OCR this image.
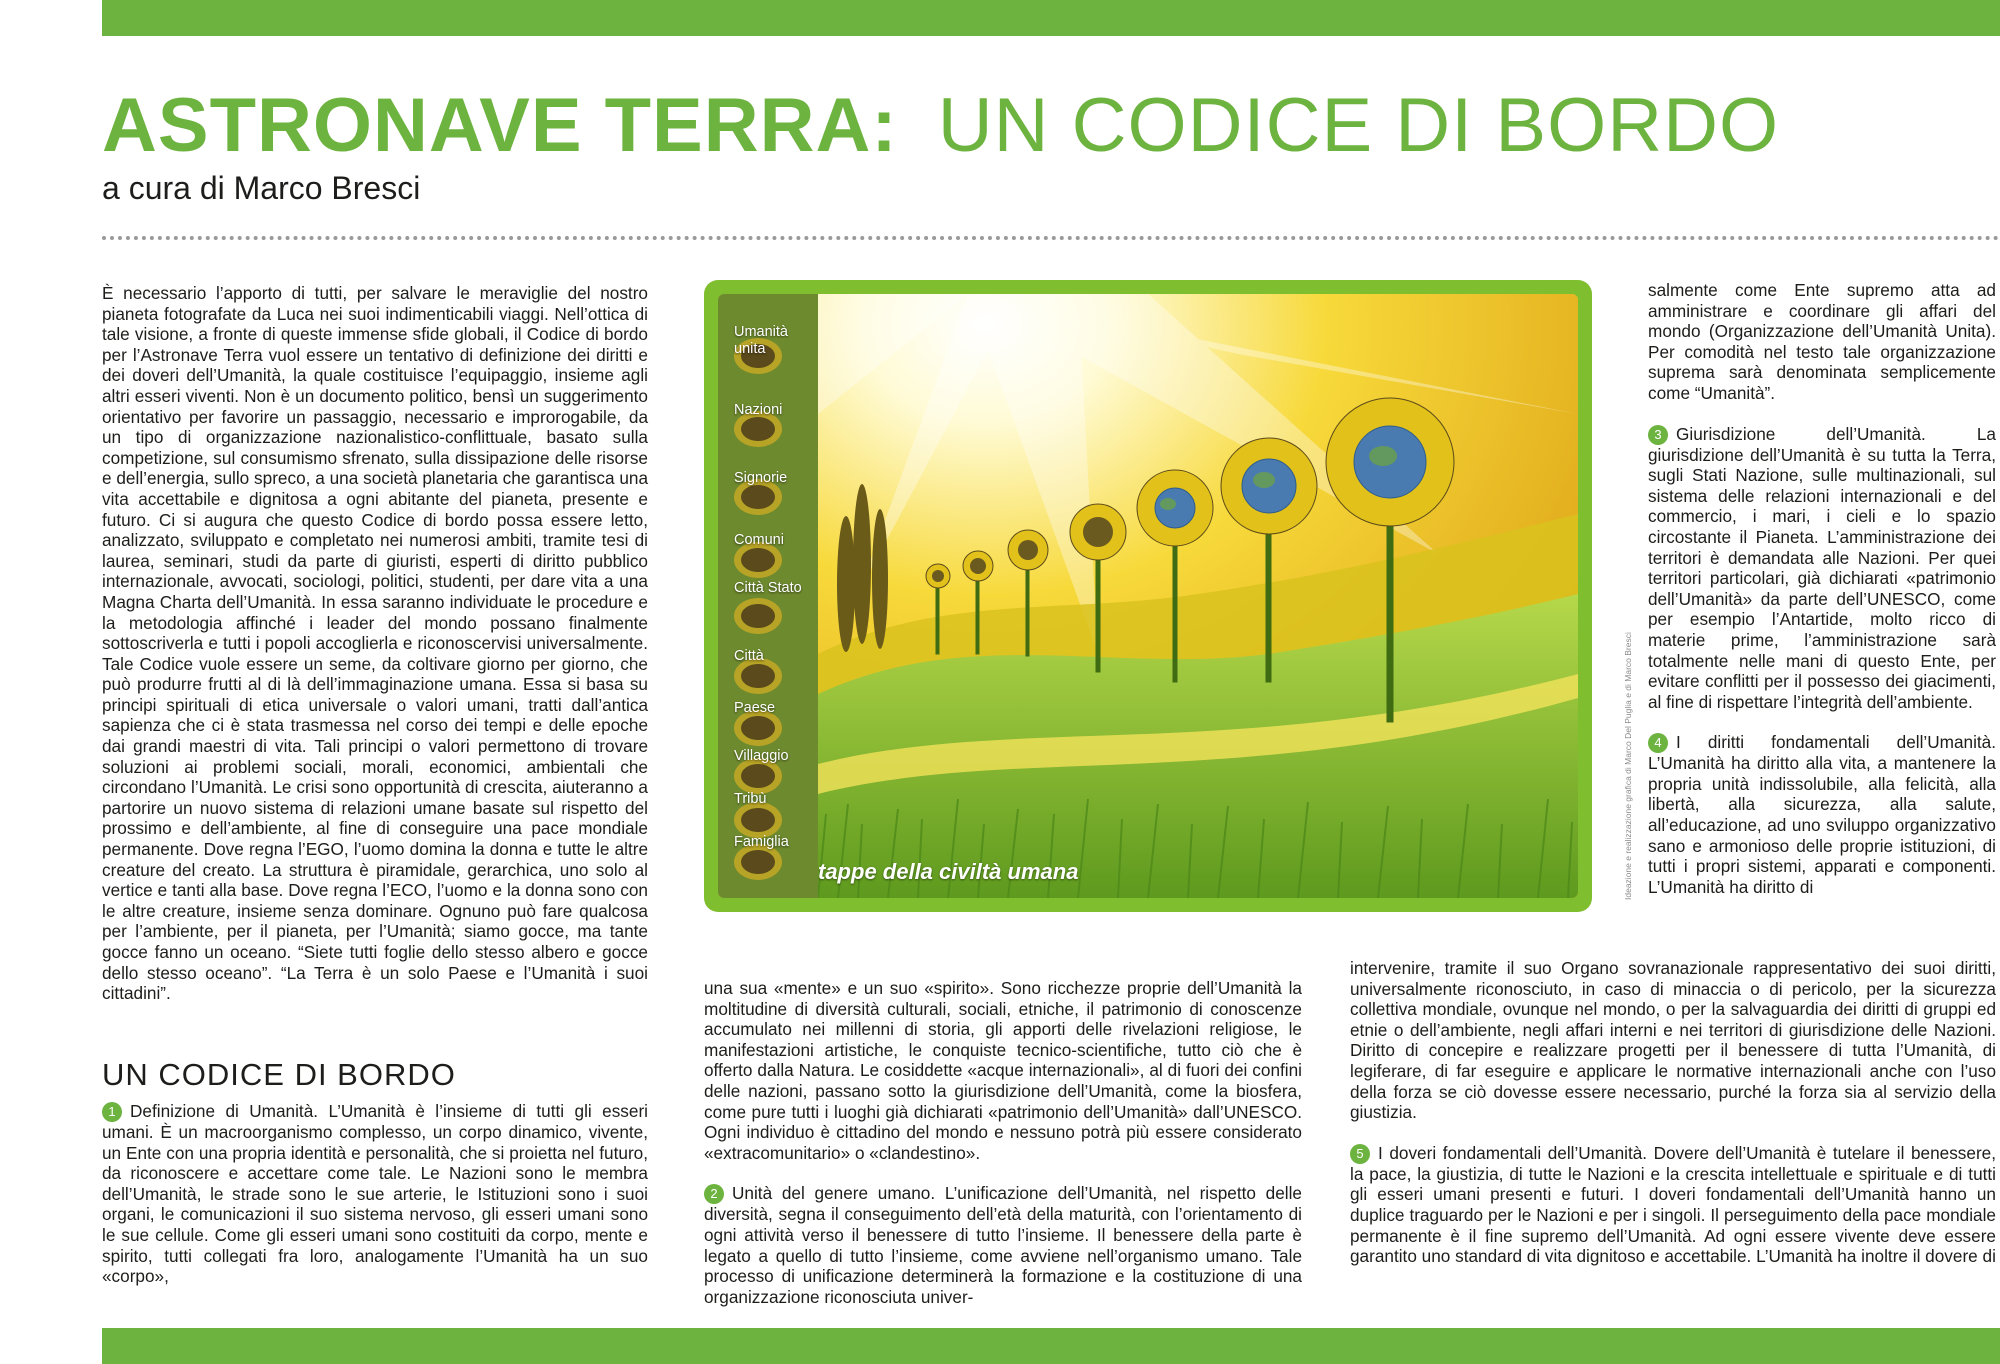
ASTRONAVE TERRA: UN CODICE DI BORDO
a cura di Marco Bresci

È necessario l’apporto di tutti, per salvare le meraviglie del nostro pianeta fotografate da Luca nei suoi indimenticabili viaggi. Nell’ottica di tale visione, a fronte di queste immense sfide globali, il Codice di bordo per l’Astronave Terra vuol essere un tentativo di definizione dei diritti e dei doveri dell’Umanità, la quale costituisce l’equipaggio, insieme agli altri esseri viventi. Non è un documento politico, bensì un suggerimento orientativo per favorire un passaggio, necessario e improrogabile, da un tipo di organizzazione nazionalistico-conflittuale, basato sulla competizione, sul consumismo sfrenato, sulla dissipazione delle risorse e dell’energia, sullo spreco, a una società planetaria che garantisca una vita accettabile e dignitosa a ogni abitante del pianeta, presente e futuro. Ci si augura che questo Codice di bordo possa essere letto, analizzato, sviluppato e completato nei numerosi ambiti, tramite tesi di laurea, seminari, studi da parte di giuristi, esperti di diritto pubblico internazionale, avvocati, sociologi, politici, studenti, per dare vita a una Magna Charta dell’Umanità. In essa saranno individuate le procedure e la metodologia affinché i leader del mondo possano finalmente sottoscriverla e tutti i popoli accoglierla e riconoscervisi universalmente. Tale Codice vuole essere un seme, da coltivare giorno per giorno, che può produrre frutti al di là dell’immaginazione umana. Essa si basa su principi spirituali di etica universale o valori umani, tratti dall’antica sapienza che ci è stata trasmessa nel corso dei tempi e delle epoche dai grandi maestri di vita. Tali principi o valori permettono di trovare soluzioni ai problemi sociali, morali, economici, ambientali che circondano l’Umanità. Le crisi sono opportunità di crescita, aiuteranno a partorire un nuovo sistema di relazioni umane basate sul rispetto del prossimo e dell’ambiente, al fine di conseguire una pace mondiale permanente. Dove regna l’EGO, l’uomo domina la donna e tutte le altre creature del creato. La struttura è piramidale, gerarchica, uno solo al vertice e tanti alla base. Dove regna l’ECO, l’uomo e la donna sono con le altre creature, insieme senza dominare. Ognuno può fare qualcosa per l’ambiente, per il pianeta, per l’Umanità; siamo gocce, ma tante gocce fanno un oceano. “Siete tutti foglie dello stesso albero e gocce dello stesso oceano”. “La Terra è un solo Paese e l’Umanità i suoi cittadini”.

UN CODICE DI BORDO

1 Definizione di Umanità. L’Umanità è l’insieme di tutti gli esseri umani. È un macroorganismo complesso, un corpo dinamico, vivente, un Ente con una propria identità e personalità, che si proietta nel futuro, da riconoscere e accettare come tale. Le Nazioni sono le membra dell’Umanità, le strade sono le sue arterie, le Istituzioni sono i suoi organi, le comunicazioni il suo sistema nervoso, gli esseri umani sono le sue cellule. Come gli esseri umani sono costituiti da corpo, mente e spirito, tutti collegati fra loro, analogamente l’Umanità ha un suo «corpo»,

Umanità unita
Nazioni
Signorie
Comuni
Città Stato
Città
Paese
Villaggio
Tribù
Famiglia
tappe della civiltà umana	Ideazione e realizzazione grafica di Marco Del Puglia e di Marco Bresci

una sua «mente» e un suo «spirito». Sono ricchezze proprie dell’Umanità la moltitudine di diversità culturali, sociali, etniche, il patrimonio di conoscenze accumulato nei millenni di storia, gli apporti delle rivelazioni religiose, le manifestazioni artistiche, le conquiste tecnico-scientifiche, tutto ciò che è offerto dalla Natura. Le cosiddette «acque internazionali», al di fuori dei confini delle nazioni, passano sotto la giurisdizione dell’Umanità, come la biosfera, come pure tutti i luoghi già dichiarati «patrimonio dell’Umanità» dall’UNESCO. Ogni individuo è cittadino del mondo e nessuno potrà più essere considerato «extracomunitario» o «clandestino».

2 Unità del genere umano. L’unificazione dell’Umanità, nel rispetto delle diversità, segna il conseguimento dell’età della maturità, con l’orientamento di ogni attività verso il benessere di tutto l’insieme. Il benessere della parte è legato a quello di tutto l’insieme, come avviene nell’organismo umano. Tale processo di unificazione determinerà la formazione e la costituzione di una organizzazione riconosciuta univer-

salmente come Ente supremo atta ad amministrare e coordinare gli affari del mondo (Organizzazione dell’Umanità Unita). Per comodità nel testo tale organizzazione suprema sarà denominata semplicemente come “Umanità”.

3 Giurisdizione dell’Umanità. La giurisdizione dell’Umanità è su tutta la Terra, sugli Stati Nazione, sulle multinazionali, sul sistema delle relazioni internazionali e del commercio, i mari, i cieli e lo spazio circostante il Pianeta. L’amministrazione dei territori è demandata alle Nazioni. Per quei territori particolari, già dichiarati «patrimonio dell’Umanità» da parte dell’UNESCO, come per esempio l’Antartide, molto ricco di materie prime, l’amministrazione sarà totalmente nelle mani di questo Ente, per evitare conflitti per il possesso dei giacimenti, al fine di rispettare l’integrità dell’ambiente.

4 I diritti fondamentali dell’Umanità. L’Umanità ha diritto alla vita, a mantenere la propria unità indissolubile, alla felicità, alla libertà, alla sicurezza, alla salute, all’educazione, ad uno sviluppo organizzativo sano e armonioso delle proprie istituzioni, di tutti i propri sistemi, apparati e componenti. L’Umanità ha diritto di

intervenire, tramite il suo Organo sovranazionale rappresentativo dei suoi diritti, universalmente riconosciuto, in caso di minaccia o di pericolo, per la sicurezza collettiva mondiale, ovunque nel mondo, o per la salvaguardia dei diritti di gruppi ed etnie o dell’ambiente, negli affari interni e nei territori di giurisdizione delle Nazioni. Diritto di concepire e realizzare progetti per il benessere di tutta l’Umanità, di legiferare, di far eseguire e applicare le normative internazionali anche con l’uso della forza se ciò dovesse essere necessario, purché la forza sia al servizio della giustizia.

5 I doveri fondamentali dell’Umanità. Dovere dell’Umanità è tutelare il benessere, la pace, la giustizia, di tutte le Nazioni e la crescita intellettuale e spirituale e di tutti gli esseri umani presenti e futuri. I doveri fondamentali dell’Umanità hanno un duplice traguardo per le Nazioni e per i singoli. Il perseguimento della pace mondiale permanente è il fine supremo dell’Umanità. Ad ogni essere vivente deve essere garantito uno standard di vita dignitoso e accettabile. L’Umanità ha inoltre il dovere di
